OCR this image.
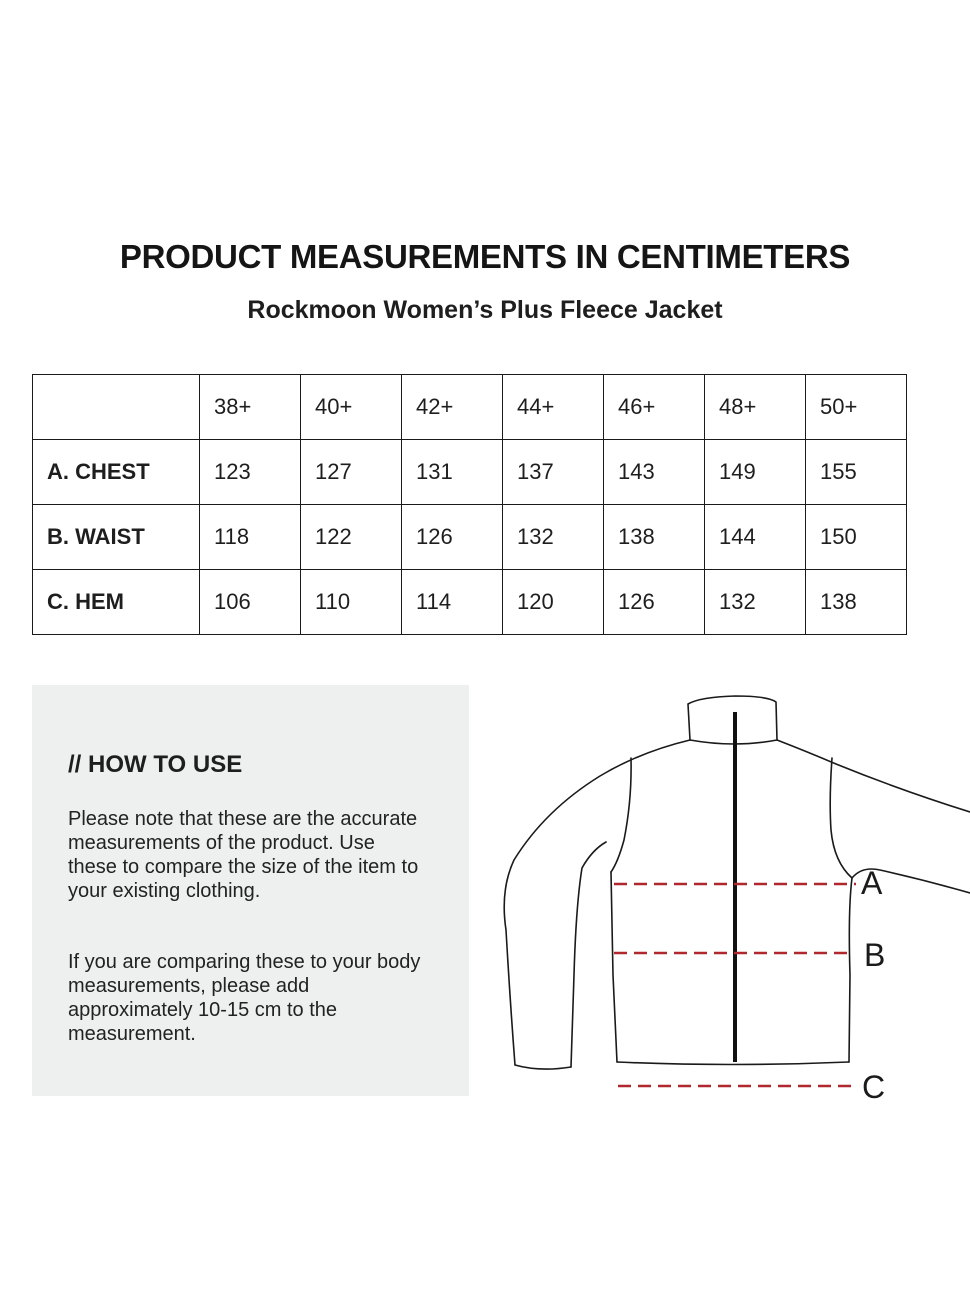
PRODUCT MEASUREMENTS IN CENTIMETERS
Rockmoon Women’s Plus Fleece Jacket
	38+	40+	42+	44+	46+	48+	50+
A. CHEST	123	127	131	137	143	149	155
B. WAIST	118	122	126	132	138	144	150
C. HEM	106	110	114	120	126	132	138
// HOW TO USE
Please note that these are the accurate measurements of the product. Use these to compare the size of the item to your existing clothing.
If you are comparing these to your body measurements, please add approximately 10-15 cm to the measurement.
A
B
C
